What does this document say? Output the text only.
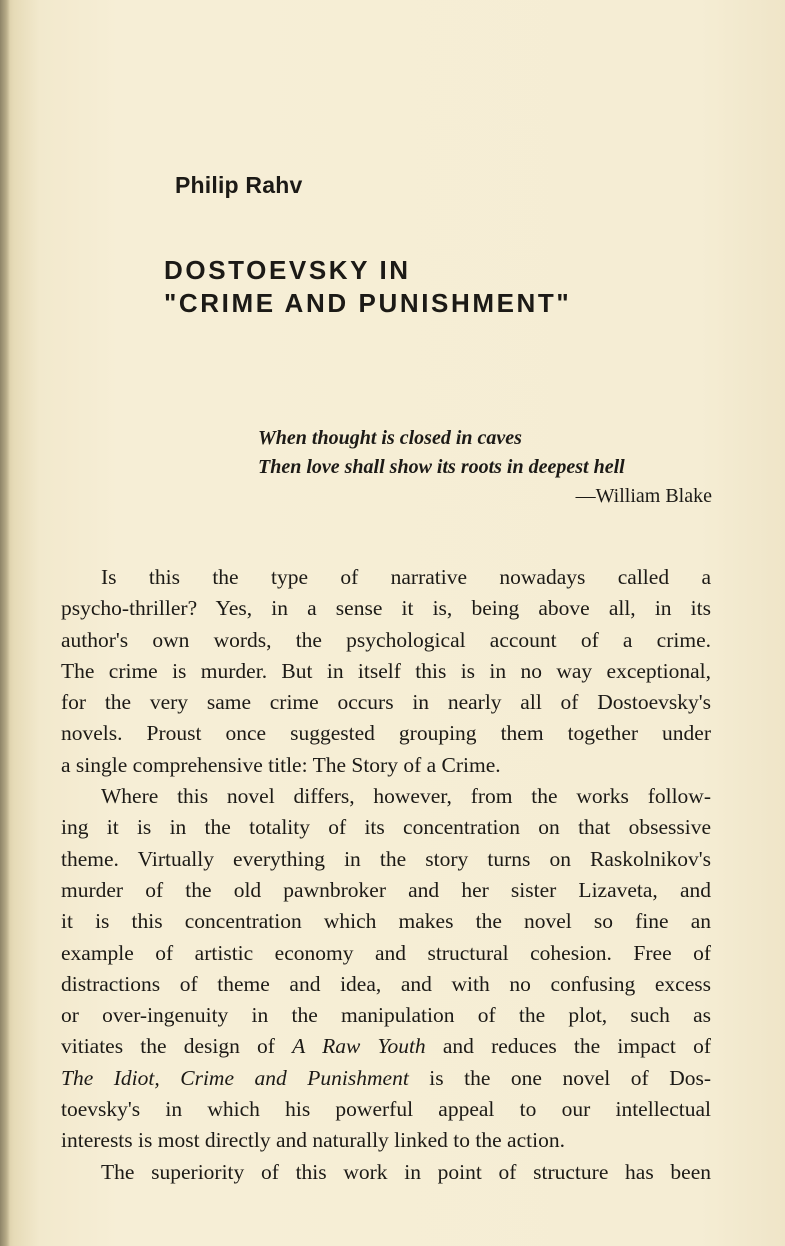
Philip Rahv
DOSTOEVSKY IN
"CRIME AND PUNISHMENT"
When thought is closed in caves
Then love shall show its roots in deepest hell
—William Blake
Is this the type of narrative nowadays called a
psycho-thriller? Yes, in a sense it is, being above all, in its
author's own words, the psychological account of a crime.
The crime is murder. But in itself this is in no way exceptional,
for the very same crime occurs in nearly all of Dostoevsky's
novels. Proust once suggested grouping them together under
a single comprehensive title: The Story of a Crime.
Where this novel differs, however, from the works follow-
ing it is in the totality of its concentration on that obsessive
theme. Virtually everything in the story turns on Raskolnikov's
murder of the old pawnbroker and her sister Lizaveta, and
it is this concentration which makes the novel so fine an
example of artistic economy and structural cohesion. Free of
distractions of theme and idea, and with no confusing excess
or over-ingenuity in the manipulation of the plot, such as
vitiates the design of A Raw Youth and reduces the impact of
The Idiot, Crime and Punishment is the one novel of Dos-
toevsky's in which his powerful appeal to our intellectual
interests is most directly and naturally linked to the action.
The superiority of this work in point of structure has been
